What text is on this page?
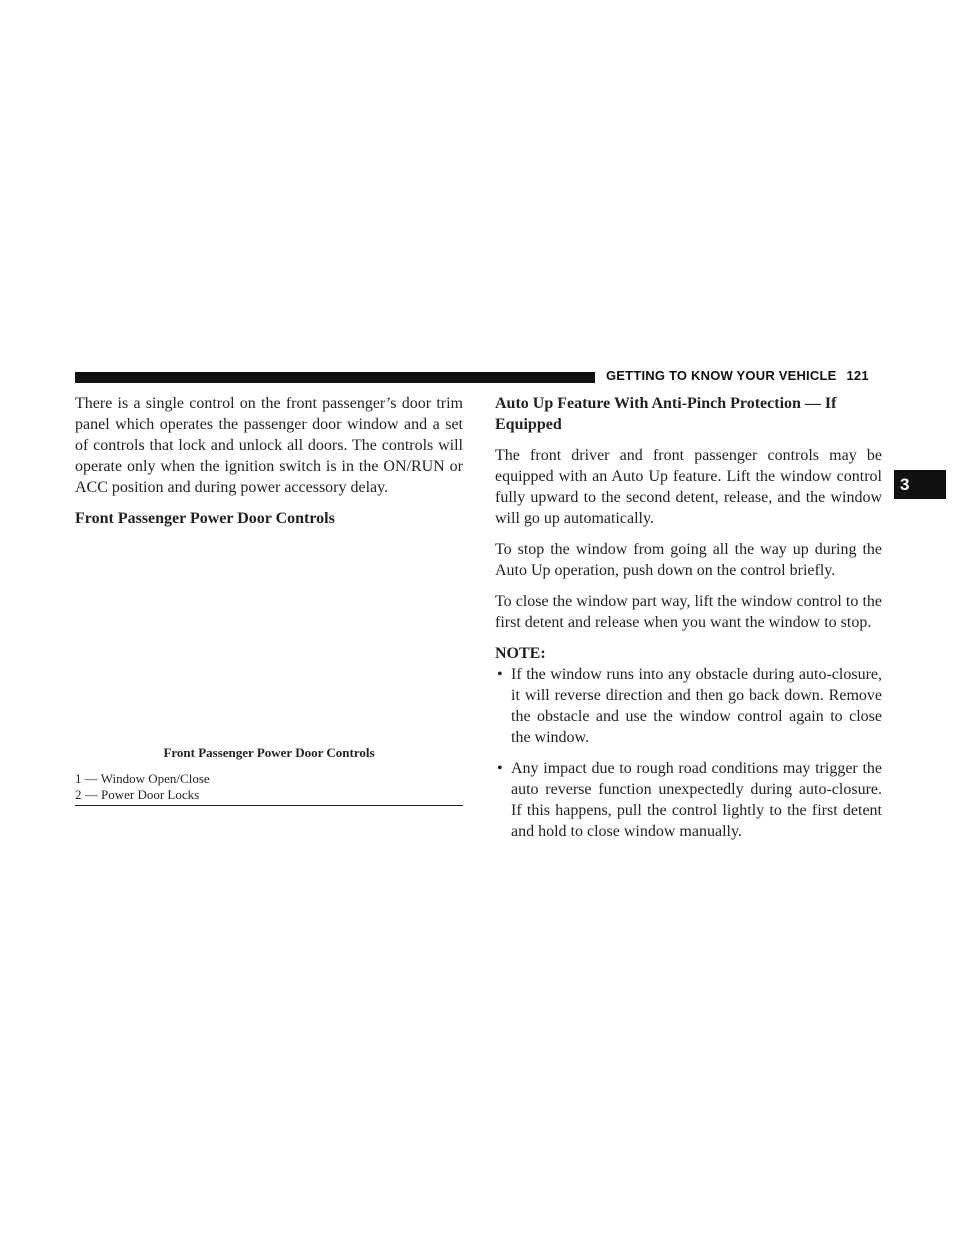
GETTING TO KNOW YOUR VEHICLE 121
3

There is a single control on the front passenger’s door trim panel which operates the passenger door window and a set of controls that lock and unlock all doors. The controls will operate only when the ignition switch is in the ON/RUN or ACC position and during power accessory delay.

Front Passenger Power Door Controls

Front Passenger Power Door Controls
1 — Window Open/Close
2 — Power Door Locks

Auto Up Feature With Anti-Pinch Protection — If Equipped

The front driver and front passenger controls may be equipped with an Auto Up feature. Lift the window control fully upward to the second detent, release, and the window will go up automatically.

To stop the window from going all the way up during the Auto Up operation, push down on the control briefly.

To close the window part way, lift the window control to the first detent and release when you want the window to stop.

NOTE:

• If the window runs into any obstacle during auto-closure, it will reverse direction and then go back down. Remove the obstacle and use the window control again to close the window.
• Any impact due to rough road conditions may trigger the auto reverse function unexpectedly during auto-closure. If this happens, pull the control lightly to the first detent and hold to close window manually.
